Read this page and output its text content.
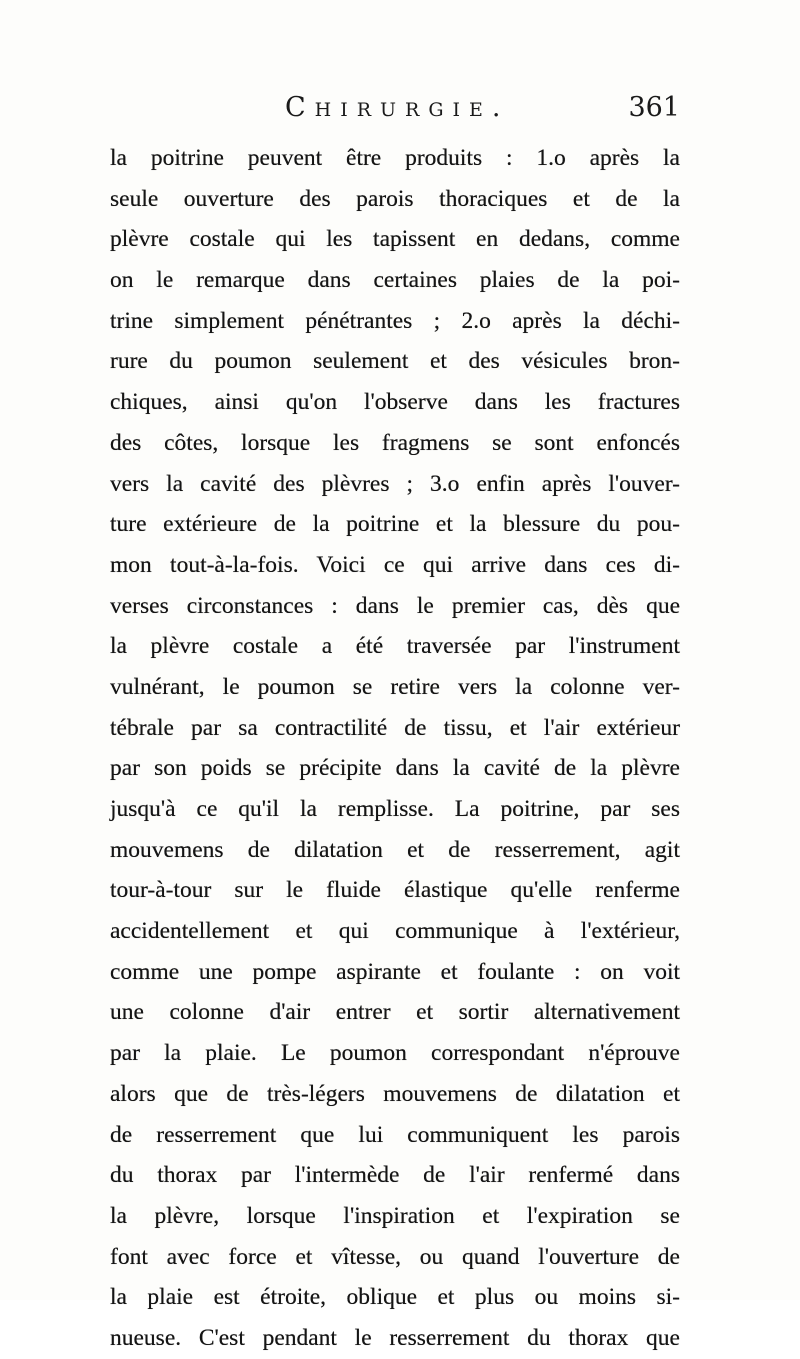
Chirurgie.	361
la poitrine peuvent être produits : 1.o après la
seule ouverture des parois thoraciques et de la
plèvre costale qui les tapissent en dedans, comme
on le remarque dans certaines plaies de la poi-
trine simplement pénétrantes ; 2.o après la déchi-
rure du poumon seulement et des vésicules bron-
chiques, ainsi qu'on l'observe dans les fractures
des côtes, lorsque les fragmens se sont enfoncés
vers la cavité des plèvres ; 3.o enfin après l'ouver-
ture extérieure de la poitrine et la blessure du pou-
mon tout-à-la-fois. Voici ce qui arrive dans ces di-
verses circonstances : dans le premier cas, dès que
la plèvre costale a été traversée par l'instrument
vulnérant, le poumon se retire vers la colonne ver-
tébrale par sa contractilité de tissu, et l'air extérieur
par son poids se précipite dans la cavité de la plèvre
jusqu'à ce qu'il la remplisse. La poitrine, par ses
mouvemens de dilatation et de resserrement, agit
tour-à-tour sur le fluide élastique qu'elle renferme
accidentellement et qui communique à l'extérieur,
comme une pompe aspirante et foulante : on voit
une colonne d'air entrer et sortir alternativement
par la plaie. Le poumon correspondant n'éprouve
alors que de très-légers mouvemens de dilatation et
de resserrement que lui communiquent les parois
du thorax par l'intermède de l'air renfermé dans
la plèvre, lorsque l'inspiration et l'expiration se
font avec force et vîtesse, ou quand l'ouverture de
la plaie est étroite, oblique et plus ou moins si-
nueuse. C'est pendant le resserrement du thorax que
